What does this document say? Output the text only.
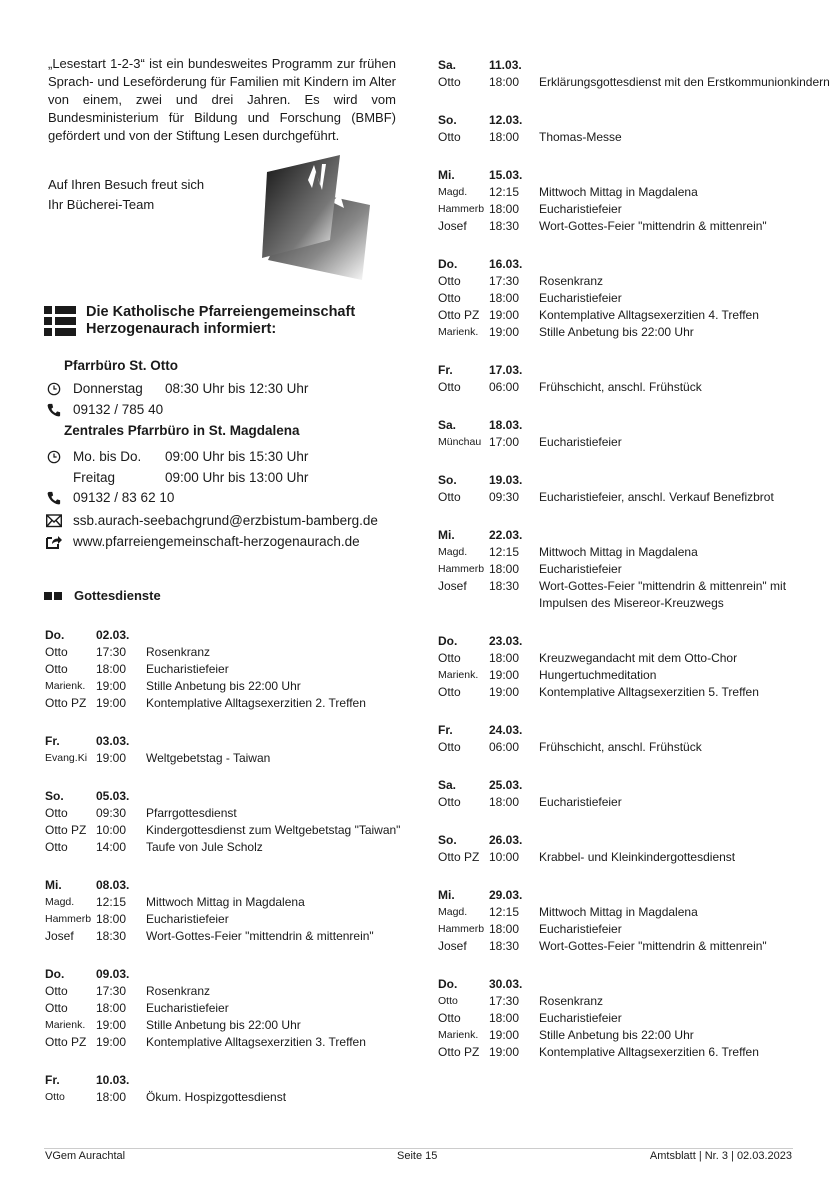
„Lesestart 1-2-3“ ist ein bundesweites Programm zur frühen Sprach- und Leseförderung für Familien mit Kindern im Alter von einem, zwei und drei Jahren. Es wird vom Bundesministerium für Bildung und Forschung (BMBF) gefördert und von der Stiftung Lesen durchgeführt.
Auf Ihren Besuch freut sich
Ihr Bücherei-Team
Die Katholische Pfarreiengemeinschaft
Herzogenaurach informiert:
Pfarrbüro St. Otto
Donnerstag 08:30 Uhr bis 12:30 Uhr
09132 / 785 40
Zentrales Pfarrbüro in St. Magdalena
Mo. bis Do. 09:00 Uhr bis 15:30 Uhr
Freitag	09:00 Uhr bis 13:00 Uhr
09132 / 83 62 10
ssb.aurach-seebachgrund@erzbistum-bamberg.de
www.pfarreiengemeinschaft-herzogenaurach.de
Gottesdienste
Do.	02.03.
Otto 17:30 Rosenkranz
Otto 18:00 Eucharistiefeier
Marienk. 19:00 Stille Anbetung bis 22:00 Uhr
Otto PZ 19:00 Kontemplative Alltagsexerzitien 2. Treffen
Fr.	03.03.
Evang.Ki 19:00 Weltgebetstag - Taiwan
So.	05.03.
Otto 09:30 Pfarrgottesdienst
Otto PZ 10:00 Kindergottesdienst zum Weltgebetstag "Taiwan"
Otto 14:00 Taufe von Jule Scholz
Mi.	08.03.
Magd. 12:15 Mittwoch Mittag in Magdalena
Hammerb 18:00 Eucharistiefeier
Josef 18:30 Wort-Gottes-Feier "mittendrin & mittenrein"
Do.	09.03.
Otto 17:30 Rosenkranz
Otto 18:00 Eucharistiefeier
Marienk. 19:00 Stille Anbetung bis 22:00 Uhr
Otto PZ 19:00 Kontemplative Alltagsexerzitien 3. Treffen
Fr.	10.03.
Otto	18:00 Ökum. Hospizgottesdienst
Sa.	11.03.
Otto 18:00 Erklärungsgottesdienst mit den Erstkommunionkindern
So.	12.03.
Otto 18:00 Thomas-Messe
Mi.	15.03.
Magd. 12:15 Mittwoch Mittag in Magdalena
Hammerb 18:00 Eucharistiefeier
Josef 18:30 Wort-Gottes-Feier "mittendrin & mittenrein"
Do.	16.03.
Otto 17:30 Rosenkranz
Otto 18:00 Eucharistiefeier
Otto PZ 19:00 Kontemplative Alltagsexerzitien 4. Treffen
Marienk. 19:00 Stille Anbetung bis 22:00 Uhr
Fr.	17.03.
Otto 06:00 Frühschicht, anschl. Frühstück
Sa.	18.03.
Münchau 17:00 Eucharistiefeier
So.	19.03.
Otto 09:30 Eucharistiefeier, anschl. Verkauf Benefizbrot
Mi.	22.03.
Magd. 12:15 Mittwoch Mittag in Magdalena
Hammerb 18:00 Eucharistiefeier
Josef 18:30 Wort-Gottes-Feier "mittendrin & mittenrein" mit Impulsen des Misereor-Kreuzwegs
Do.	23.03.
Otto 18:00 Kreuzwegandacht mit dem Otto-Chor
Marienk. 19:00 Hungertuchmeditation
Otto 19:00 Kontemplative Alltagsexerzitien 5. Treffen
Fr.	24.03.
Otto 06:00 Frühschicht, anschl. Frühstück
Sa.	25.03.
Otto 18:00 Eucharistiefeier
So.	26.03.
Otto PZ 10:00 Krabbel- und Kleinkindergottesdienst
Mi.	29.03.
Magd. 12:15 Mittwoch Mittag in Magdalena
Hammerb 18:00 Eucharistiefeier
Josef 18:30 Wort-Gottes-Feier "mittendrin & mittenrein"
Do.	30.03.
Otto	17:30 Rosenkranz
Otto 18:00 Eucharistiefeier
Marienk. 19:00 Stille Anbetung bis 22:00 Uhr
Otto PZ 19:00 Kontemplative Alltagsexerzitien 6. Treffen
VGem Aurachtal	Seite 15	Amtsblatt | Nr. 3 | 02.03.2023
